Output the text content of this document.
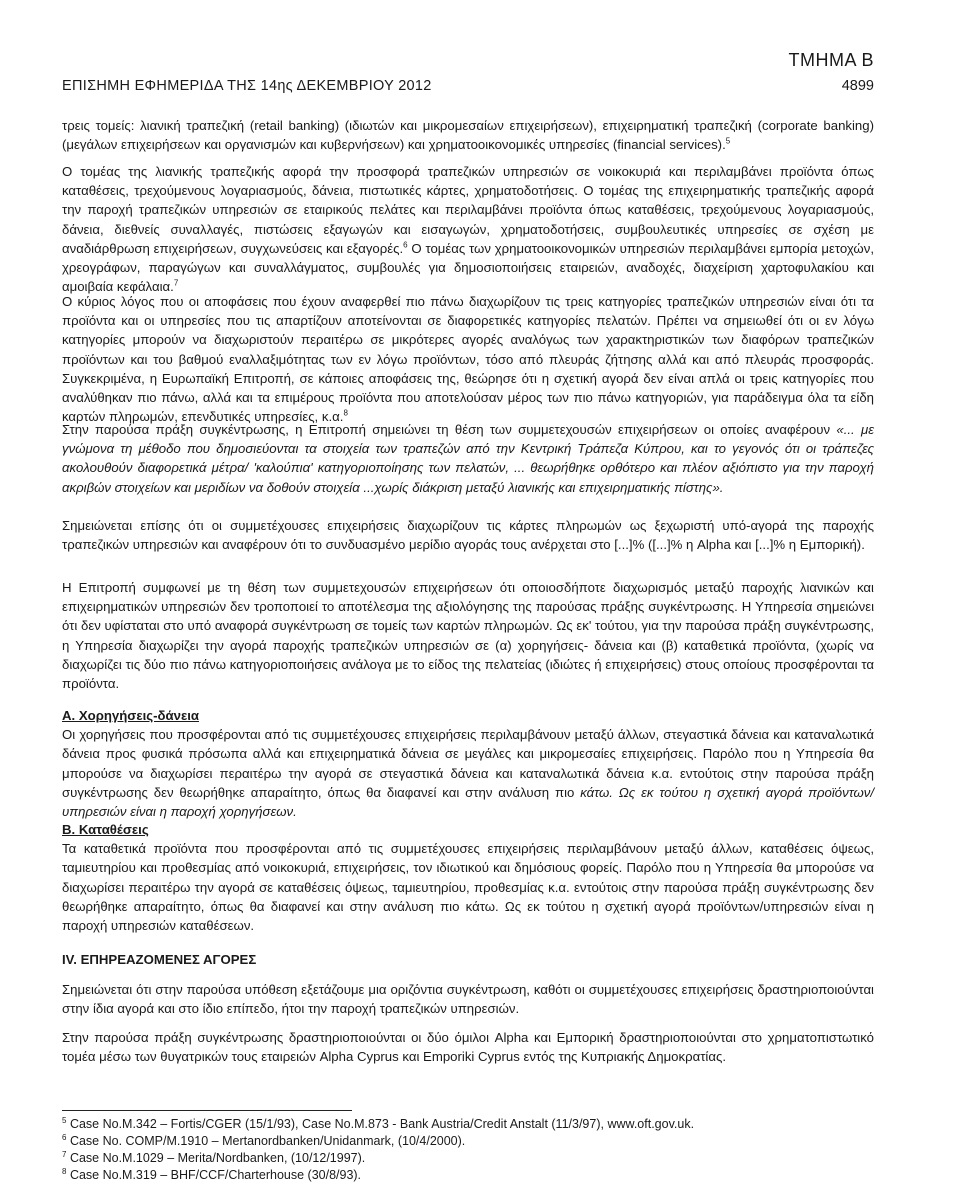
ΤΜΗΜΑ Β
ΕΠΙΣΗΜΗ ΕΦΗΜΕΡΙΔΑ ΤΗΣ 14ης ΔΕΚΕΜΒΡΙΟΥ 2012	4899

τρεις τομείς: λιανική τραπεζική (retail banking) (ιδιωτών και μικρομεσαίων επιχειρήσεων), επιχειρηματική τραπεζική (corporate banking) (μεγάλων επιχειρήσεων και οργανισμών και κυβερνήσεων) και χρηματοοικονομικές υπηρεσίες (financial services).$^5$

Ο τομέας της λιανικής τραπεζικής αφορά την προσφορά τραπεζικών υπηρεσιών σε νοικοκυριά και περιλαμβάνει προϊόντα όπως καταθέσεις, τρεχούμενους λογαριασμούς, δάνεια, πιστωτικές κάρτες, χρηματοδοτήσεις. Ο τομέας της επιχειρηματικής τραπεζικής αφορά την παροχή τραπεζικών υπηρεσιών σε εταιρικούς πελάτες και περιλαμβάνει προϊόντα όπως καταθέσεις, τρεχούμενους λογαριασμούς, δάνεια, διεθνείς συναλλαγές, πιστώσεις εξαγωγών και εισαγωγών, χρηματοδοτήσεις, συμβουλευτικές υπηρεσίες σε σχέση με αναδιάρθρωση επιχειρήσεων, συγχωνεύσεις και εξαγορές.$^6$ Ο τομέας των χρηματοοικονομικών υπηρεσιών περιλαμβάνει εμπορία μετοχών, χρεογράφων, παραγώγων και συναλλάγματος, συμβουλές για δημοσιοποιήσεις εταιρειών, αναδοχές, διαχείριση χαρτοφυλακίου και αμοιβαία κεφάλαια.$^7$

Ο κύριος λόγος που οι αποφάσεις που έχουν αναφερθεί πιο πάνω διαχωρίζουν τις τρεις κατηγορίες τραπεζικών υπηρεσιών είναι ότι τα προϊόντα και οι υπηρεσίες που τις απαρτίζουν αποτείνονται σε διαφορετικές κατηγορίες πελατών. Πρέπει να σημειωθεί ότι οι εν λόγω κατηγορίες μπορούν να διαχωριστούν περαιτέρω σε μικρότερες αγορές αναλόγως των χαρακτηριστικών των διαφόρων τραπεζικών προϊόντων και του βαθμού εναλλαξιμότητας των εν λόγω προϊόντων, τόσο από πλευράς ζήτησης αλλά και από πλευράς προσφοράς. Συγκεκριμένα, η Ευρωπαϊκή Επιτροπή, σε κάποιες αποφάσεις της, θεώρησε ότι η σχετική αγορά δεν είναι απλά οι τρεις κατηγορίες που αναλύθηκαν πιο πάνω, αλλά και τα επιμέρους προϊόντα που αποτελούσαν μέρος των πιο πάνω κατηγοριών, για παράδειγμα όλα τα είδη καρτών πληρωμών, επενδυτικές υπηρεσίες, κ.α.$^8$

Στην παρούσα πράξη συγκέντρωσης, η Επιτροπή σημειώνει τη θέση των συμμετεχουσών επιχειρήσεων οι οποίες αναφέρουν «... με γνώμονα τη μέθοδο που δημοσιεύονται τα στοιχεία των τραπεζών από την Κεντρική Τράπεζα Κύπρου, και το γεγονός ότι οι τράπεζες ακολουθούν διαφορετικά μέτρα/ 'καλούπια' κατηγοριοποίησης των πελατών, ... θεωρήθηκε ορθότερο και πλέον αξιόπιστο για την παροχή ακριβών στοιχείων και μεριδίων να δοθούν στοιχεία ...χωρίς διάκριση μεταξύ λιανικής και επιχειρηματικής πίστης».

Σημειώνεται επίσης ότι οι συμμετέχουσες επιχειρήσεις διαχωρίζουν τις κάρτες πληρωμών ως ξεχωριστή υπό-αγορά της παροχής τραπεζικών υπηρεσιών και αναφέρουν ότι το συνδυασμένο μερίδιο αγοράς τους ανέρχεται στο [...]% ([...]% η Alpha και [...]% η Εμπορική).

Η Επιτροπή συμφωνεί με τη θέση των συμμετεχουσών επιχειρήσεων ότι οποιοσδήποτε διαχωρισμός μεταξύ παροχής λιανικών και επιχειρηματικών υπηρεσιών δεν τροποποιεί το αποτέλεσμα της αξιολόγησης της παρούσας πράξης συγκέντρωσης. Η Υπηρεσία σημειώνει ότι δεν υφίσταται στο υπό αναφορά συγκέντρωση σε τομείς των καρτών πληρωμών. Ως εκ' τούτου, για την παρούσα πράξη συγκέντρωσης, η Υπηρεσία διαχωρίζει την αγορά παροχής τραπεζικών υπηρεσιών σε (α) χορηγήσεις- δάνεια και (β) καταθετικά προϊόντα, (χωρίς να διαχωρίζει τις δύο πιο πάνω κατηγοριοποιήσεις ανάλογα με το είδος της πελατείας (ιδιώτες ή επιχειρήσεις) στους οποίους προσφέρονται τα προϊόντα.

Α. Χορηγήσεις-δάνεια

Οι χορηγήσεις που προσφέρονται από τις συμμετέχουσες επιχειρήσεις περιλαμβάνουν μεταξύ άλλων, στεγαστικά δάνεια και καταναλωτικά δάνεια προς φυσικά πρόσωπα αλλά και επιχειρηματικά δάνεια σε μεγάλες και μικρομεσαίες επιχειρήσεις. Παρόλο που η Υπηρεσία θα μπορούσε να διαχωρίσει περαιτέρω την αγορά σε στεγαστικά δάνεια και καταναλωτικά δάνεια κ.α. εντούτοις στην παρούσα πράξη συγκέντρωσης δεν θεωρήθηκε απαραίτητο, όπως θα διαφανεί και στην ανάλυση πιο κάτω. Ως εκ τούτου η σχετική αγορά προϊόντων/υπηρεσιών είναι η παροχή χορηγήσεων.

Β. Καταθέσεις

Τα καταθετικά προϊόντα που προσφέρονται από τις συμμετέχουσες επιχειρήσεις περιλαμβάνουν μεταξύ άλλων, καταθέσεις όψεως, ταμιευτηρίου και προθεσμίας από νοικοκυριά, επιχειρήσεις, τον ιδιωτικού και δημόσιους φορείς. Παρόλο που η Υπηρεσία θα μπορούσε να διαχωρίσει περαιτέρω την αγορά σε καταθέσεις όψεως, ταμιευτηρίου, προθεσμίας κ.α. εντούτοις στην παρούσα πράξη συγκέντρωσης δεν θεωρήθηκε απαραίτητο, όπως θα διαφανεί και στην ανάλυση πιο κάτω. Ως εκ τούτου η σχετική αγορά προϊόντων/υπηρεσιών είναι η παροχή υπηρεσιών καταθέσεων.

IV. ΕΠΗΡΕΑΖΟΜΕΝΕΣ ΑΓΟΡΕΣ

Σημειώνεται ότι στην παρούσα υπόθεση εξετάζουμε μια οριζόντια συγκέντρωση, καθότι οι συμμετέχουσες επιχειρήσεις δραστηριοποιούνται στην ίδια αγορά και στο ίδιο επίπεδο, ήτοι την παροχή τραπεζικών υπηρεσιών.

Στην παρούσα πράξη συγκέντρωσης δραστηριοποιούνται οι δύο όμιλοι Alpha και Εμπορική δραστηριοποιούνται στο χρηματοπιστωτικό τομέα μέσω των θυγατρικών τους εταιρειών Alpha Cyprus και Emporiki Cyprus εντός της Κυπριακής Δημοκρατίας.

$^5$ Case No.M.342 – Fortis/CGER (15/1/93), Case No.M.873 - Bank Austria/Credit Anstalt (11/3/97), www.oft.gov.uk.
$^6$ Case No. COMP/M.1910 – Mertanordbanken/Unidanmark, (10/4/2000).
$^7$ Case No.M.1029 – Merita/Nordbanken, (10/12/1997).
$^8$ Case No.M.319 – BHF/CCF/Charterhouse (30/8/93).
